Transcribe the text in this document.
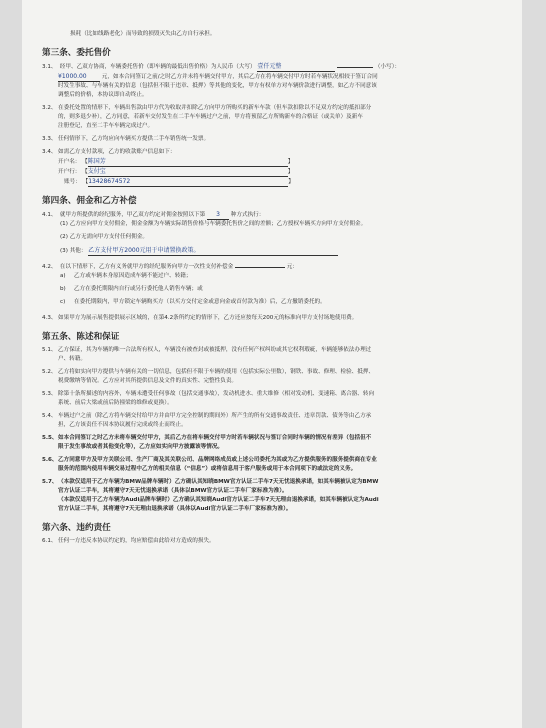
损耗（比如线路老化）而导致的损毁灭失由乙方自行承担。
第三条、委托售价
3.1、 经甲、乙双方协商，车辆委托售价（即车辆的最低出售价格）为人民币（大写） 壹仟元整	（小写）：
¥1000.00	元，如本合同签订之前/之时乙方并未将车辆交付甲方，其后乙方在将车辆交付甲方时若车辆状况相较于签订合同
时发生事故、与车辆有关的信息（包括但不限于违章、抵押）等其他的变化，甲方有权单方对车辆价款进行调整，如乙方不同意该
调整后的价格，本协议即自动终止。
3.2、 在委托处置的情形下，车辆出售款由甲方代为收取并扣除乙方向甲方所购买的新车车款（但车款扣除以不足双方约定的抵扣部分
的，则多退少补），乙方同意，若新车交付发生在二手车车辆过户之前，甲方将预留乙方所购新车的合格证（或关单）及新车
注册登记，直至二手车车辆完成过户。
3.3、 任何情形下，乙方均应向车辆买方提供二手车销售统一发票。
3.4、 如需乙方支付款项，乙方的收款账户信息如下：
开户名： 【陈国芳	】
开户行： 【支付宝	】
账号： 【13428674572	】
第四条、佣金和乙方补偿
4.1、 就甲方所提供的经纪服务，甲乙双方约定对佣金按照以下第 3 种方式执行：
(1) 乙方应向甲方支付佣金，佣金金额为车辆实际销售价格与车辆委托售价之间的差额；乙方授权车辆买方向甲方支付佣金。
(2) 乙方无需向甲方支付任何佣金。
(3) 其他： 乙方支付甲方2000元用于申请置换政策。
4.2、 在以下情形下，乙方有义务就甲方的经纪服务向甲方一次性支付补偿金	元：
a) 乙方或车辆本身原因造成车辆不能过户、转籍；
b) 乙方在委托期限内自行或另行委托他人销售车辆；或
c) 在委托期限内，甲方锁定车辆购买方（以买方交付定金或意向金或首付款为准）后，乙方撤销委托的。
4.3、 如果甲方为展示展售提供展示区域的，在第4.2条所约定的情形下，乙方还应按每天200元的标准向甲方支付场地使用费。
第五条、陈述和保证
5.1、 乙方保证，其为车辆的唯一合法所有权人，车辆没有被查封或被抵押，没有任何产权纠纷或其它权利瑕疵，车辆能够依法办理过
户、转籍。
5.2、 乙方将如实向甲方提供与车辆有关的一切信息，包括但不限于车辆的使用（包括实际公里数），钢铁、事故、修理、检验、抵押、
税费缴纳等情况。乙方应对其所提供信息及文件的真实性、完整性负责。
5.3、 除第十条所描述的内容外，车辆未遭受任何事故（包括交通事故），发动机进水、重大维修（相对发动机、变速箱、离合器、转向
系统、前后大梁或前后防撞梁的维修或更换）。
5.4、 车辆过户之前（除乙方将车辆交付给甲方并由甲方完全控制的期间外）所产生的所有交通事故责任、违章罚款、债务等由乙方承
担，乙方该责任不因本协议履行完成或终止而终止。
5.5、如本合同签订之时乙方未将车辆交付甲方，其后乙方在将车辆交付甲方时若车辆状况与签订合同时车辆的情况有差异（包括但不
限于发生事故或者其他变化等），乙方应如实向甲方披露该等情况。
5.6、乙方同意甲方及甲方关联公司、生产厂商及其关联公司、品牌网络成员或上述公司委托为其或为乙方提供服务的服务提供商在专业
服务的范围内使用车辆交易过程中乙方的相关信息（“信息”）或将信息用于客户服务或用于本合同项下的或法定的义务。
5.7、（本款仅适用于乙方车辆为BMW品牌车辆时）乙方确认其知晓BMW官方认证二手车7天无忧退换承诺，如其车辆被认定为BMW
官方认证二手车，其将遵守7天无忧退换承诺（具体以BMW官方认证二手车厂家标准为准）。
（本款仅适用于乙方车辆为Audi品牌车辆时）乙方确认其知晓Audi官方认证二手车7天无理由退换承诺，如其车辆被认定为Audi
官方认证二手车，其将遵守7天无理由退换承诺（具体以Audi官方认证二手车厂家标准为准）。
第六条、违约责任
6.1、 任何一方违反本协议约定的，均应赔偿由此给对方造成的损失。
